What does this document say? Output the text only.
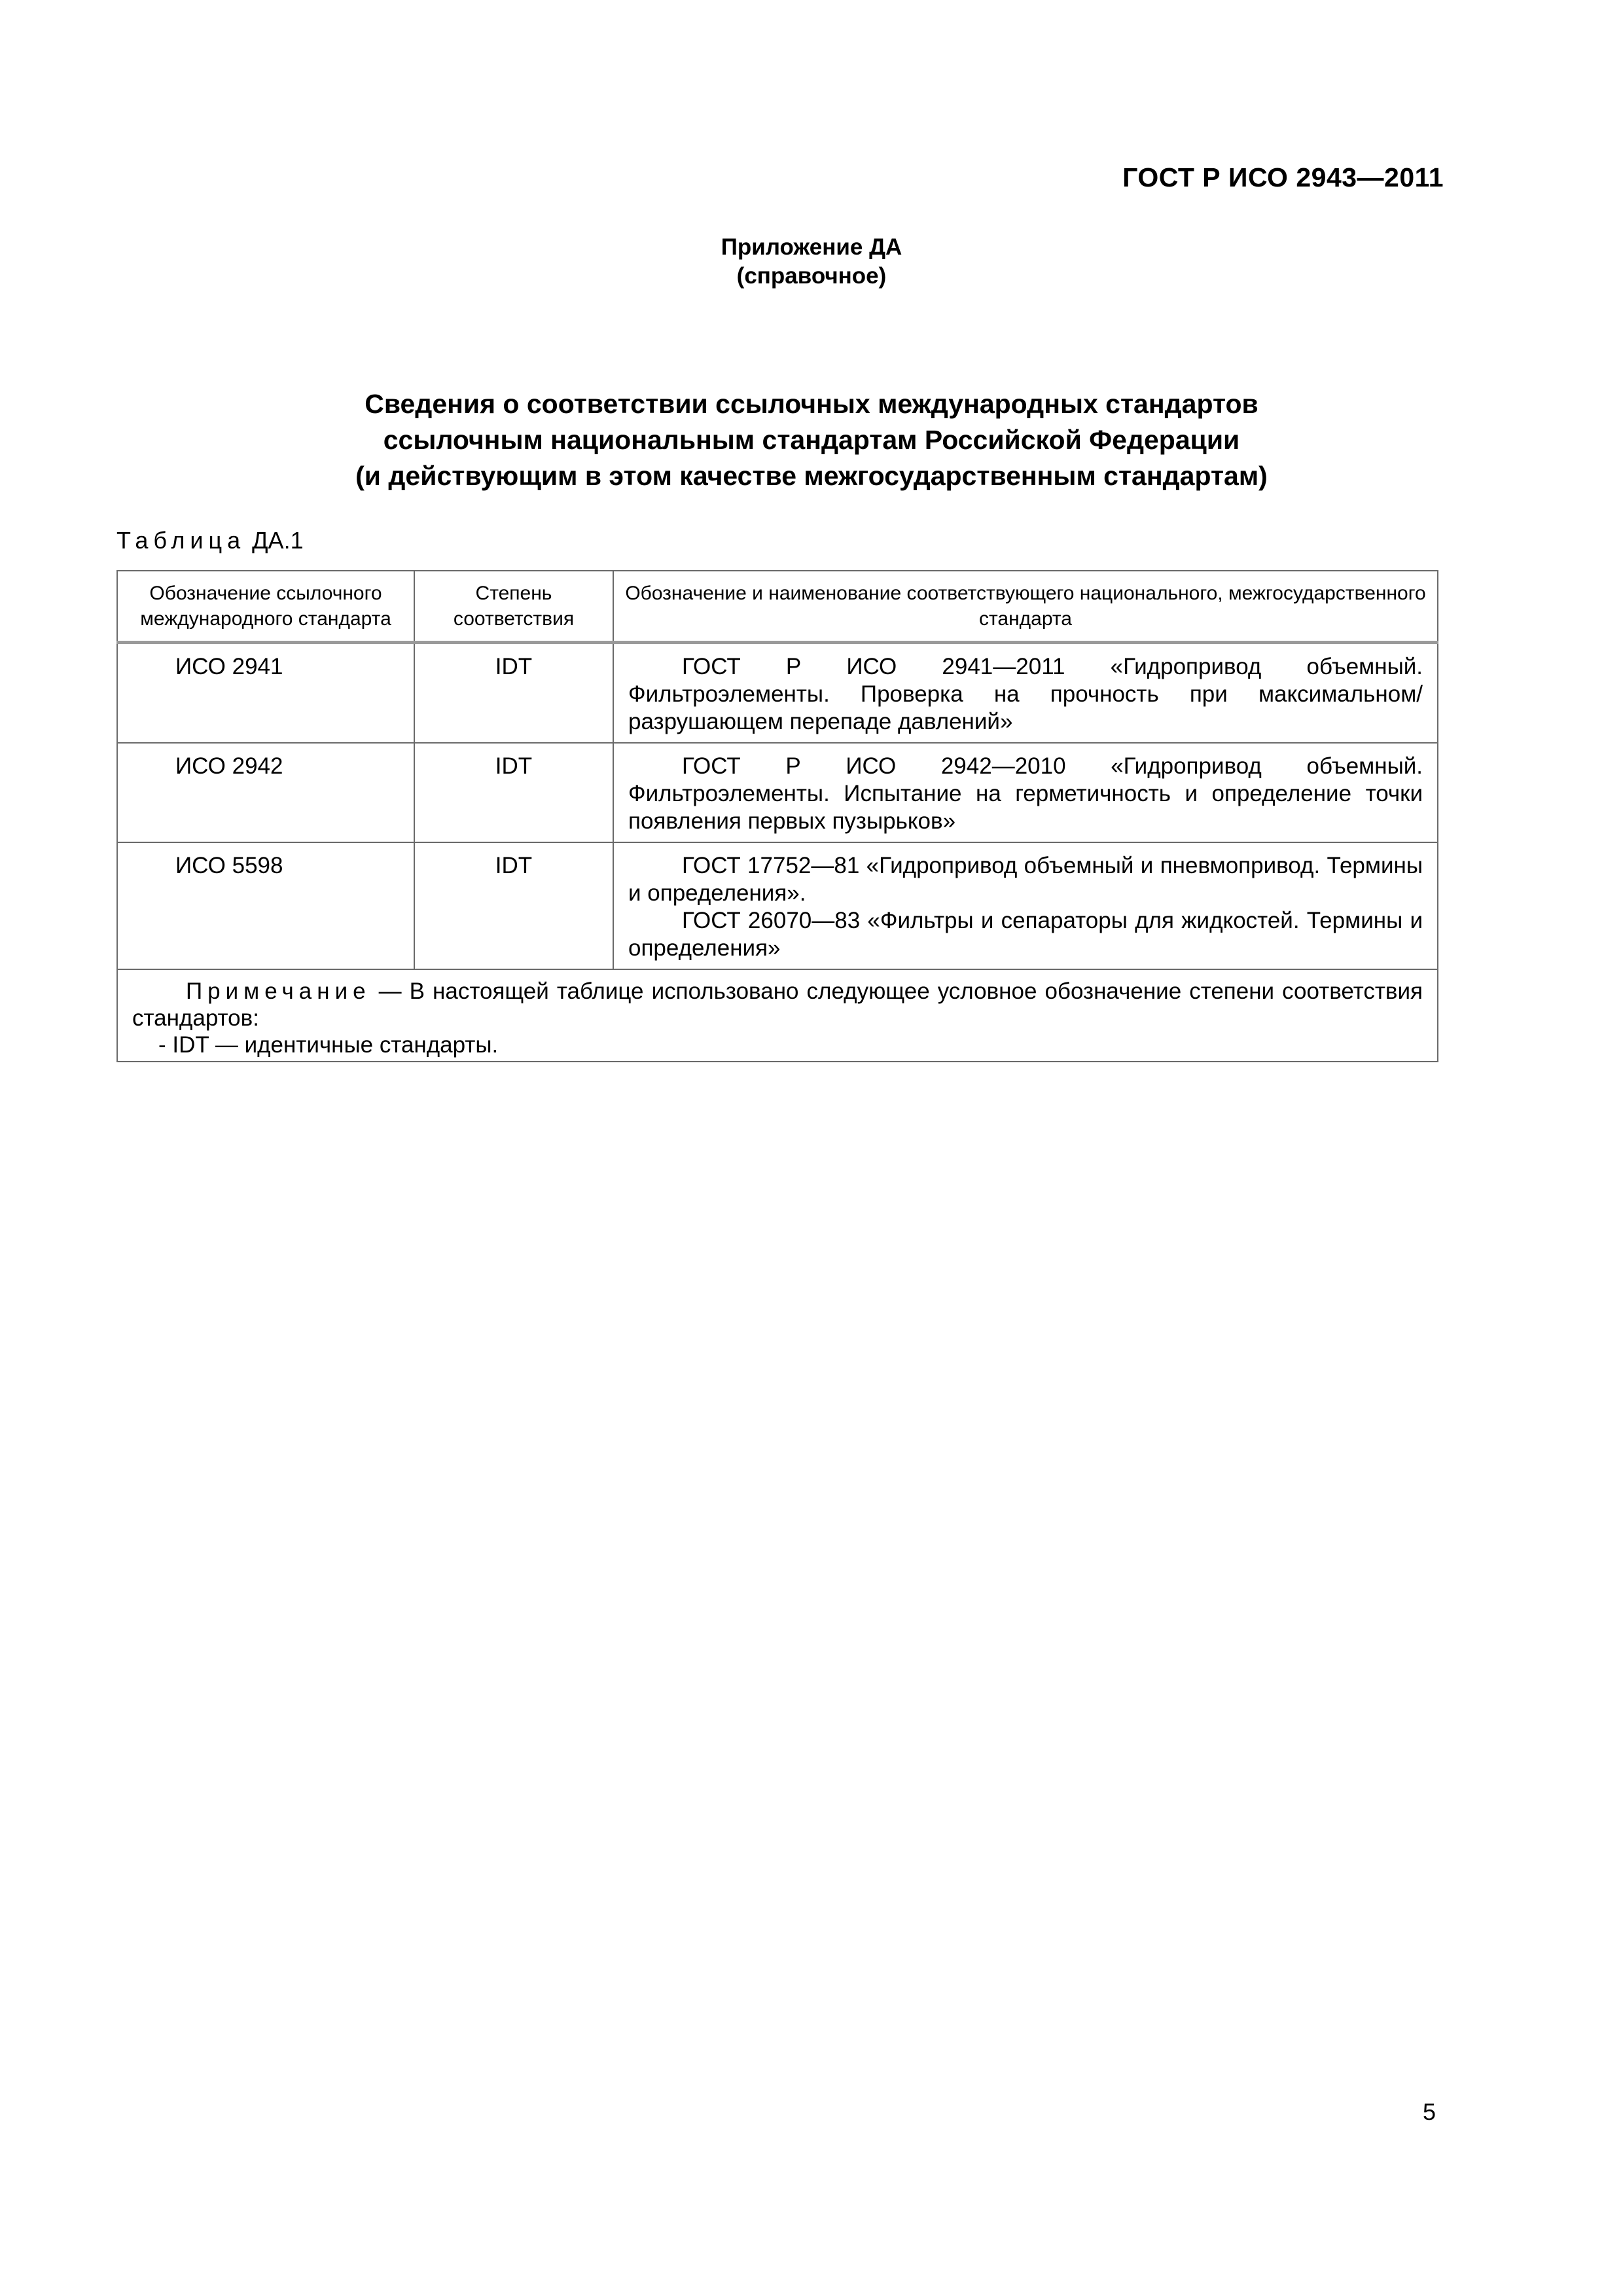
ГОСТ Р ИСО 2943—2011
Приложение ДА
(справочное)
Сведения о соответствии ссылочных международных стандартов
ссылочным национальным стандартам Российской Федерации
(и действующим в этом качестве межгосударственным стандартам)
Таблица ДА.1
Обозначение ссылочного международного стандарта	Степень соответствия	Обозначение и наименование соответствующего национального, межгосударственного стандарта
ИСО 2941	IDT	ГОСТ Р ИСО 2941—2011 «Гидропривод объемный. Фильтроэлементы. Проверка на прочность при максимальном/разрушающем перепаде давлений»

ИСО 2942	IDT	ГОСТ Р ИСО 2942—2010 «Гидропривод объемный. Фильтроэлементы. Испытание на герметичность и определение точки появления первых пузырьков»

ИСО 5598	IDT	ГОСТ 17752—81 «Гидропривод объемный и пневмопривод. Термины и определения».

ГОСТ 26070—83 «Фильтры и сепараторы для жидкостей. Термины и определения»

Примечание — В настоящей таблице использовано следующее условное обозначение степени соответствия стандартов:
- IDT — идентичные стандарты.		
5
